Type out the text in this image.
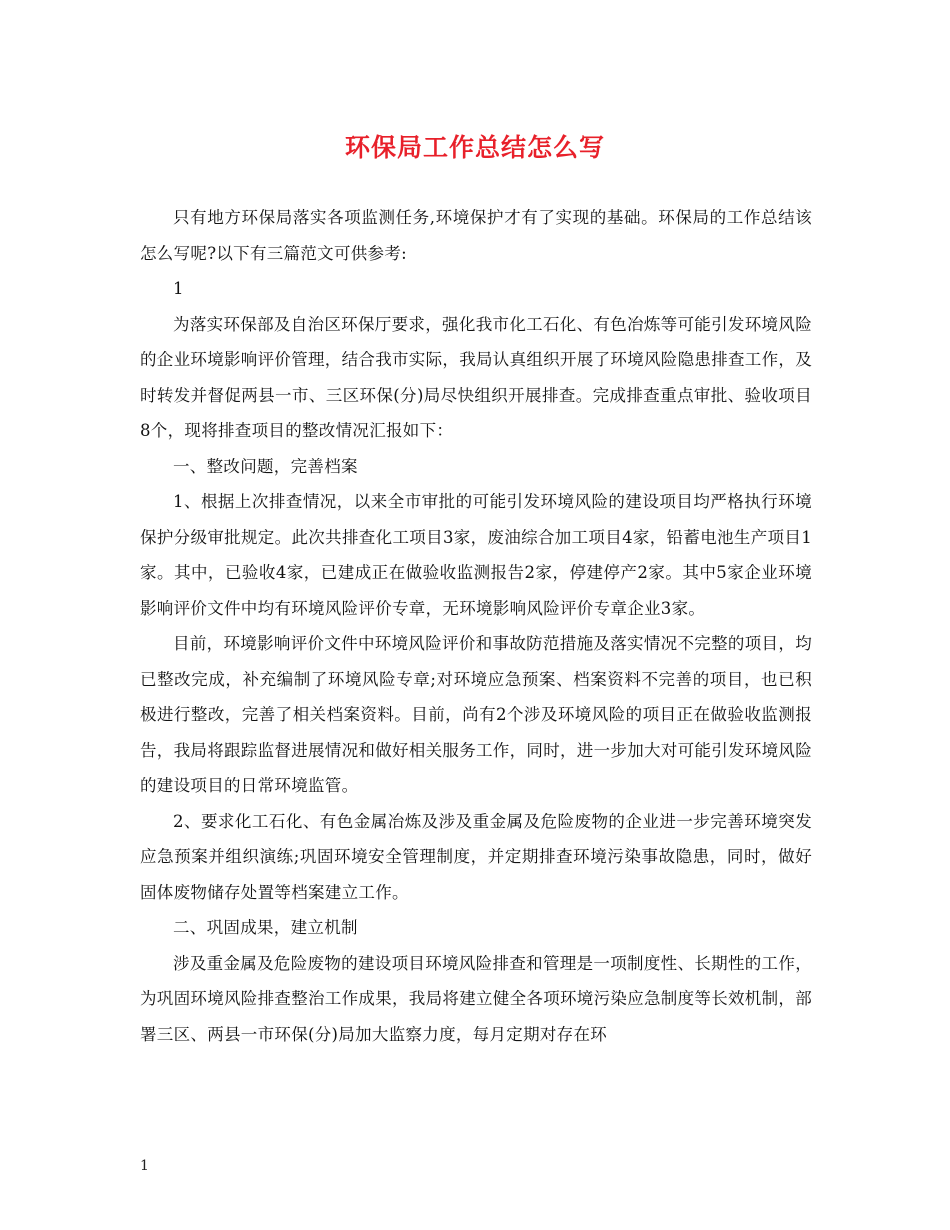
环保局工作总结怎么写

只有地方环保局落实各项监测任务,环境保护才有了实现的基础。环保局的工作总结该怎么写呢?以下有三篇范文可供参考:

1

为落实环保部及自治区环保厅要求，强化我市化工石化、有色冶炼等可能引发环境风险的企业环境影响评价管理，结合我市实际，我局认真组织开展了环境风险隐患排查工作，及时转发并督促两县一市、三区环保(分)局尽快组织开展排查。完成排查重点审批、验收项目8个，现将排查项目的整改情况汇报如下：

一、整改问题，完善档案

1、根据上次排查情况，以来全市审批的可能引发环境风险的建设项目均严格执行环境保护分级审批规定。此次共排查化工项目3家，废油综合加工项目4家，铅蓄电池生产项目1家。其中，已验收4家，已建成正在做验收监测报告2家，停建停产2家。其中5家企业环境影响评价文件中均有环境风险评价专章，无环境影响风险评价专章企业3家。

目前，环境影响评价文件中环境风险评价和事故防范措施及落实情况不完整的项目，均已整改完成，补充编制了环境风险专章;对环境应急预案、档案资料不完善的项目，也已积极进行整改，完善了相关档案资料。目前，尚有2个涉及环境风险的项目正在做验收监测报告，我局将跟踪监督进展情况和做好相关服务工作，同时，进一步加大对可能引发环境风险的建设项目的日常环境监管。

2、要求化工石化、有色金属冶炼及涉及重金属及危险废物的企业进一步完善环境突发应急预案并组织演练;巩固环境安全管理制度，并定期排查环境污染事故隐患，同时，做好固体废物储存处置等档案建立工作。

二、巩固成果，建立机制

涉及重金属及危险废物的建设项目环境风险排查和管理是一项制度性、长期性的工作，为巩固环境风险排查整治工作成果，我局将建立健全各项环境污染应急制度等长效机制，部署三区、两县一市环保(分)局加大监察力度，每月定期对存在环

1
